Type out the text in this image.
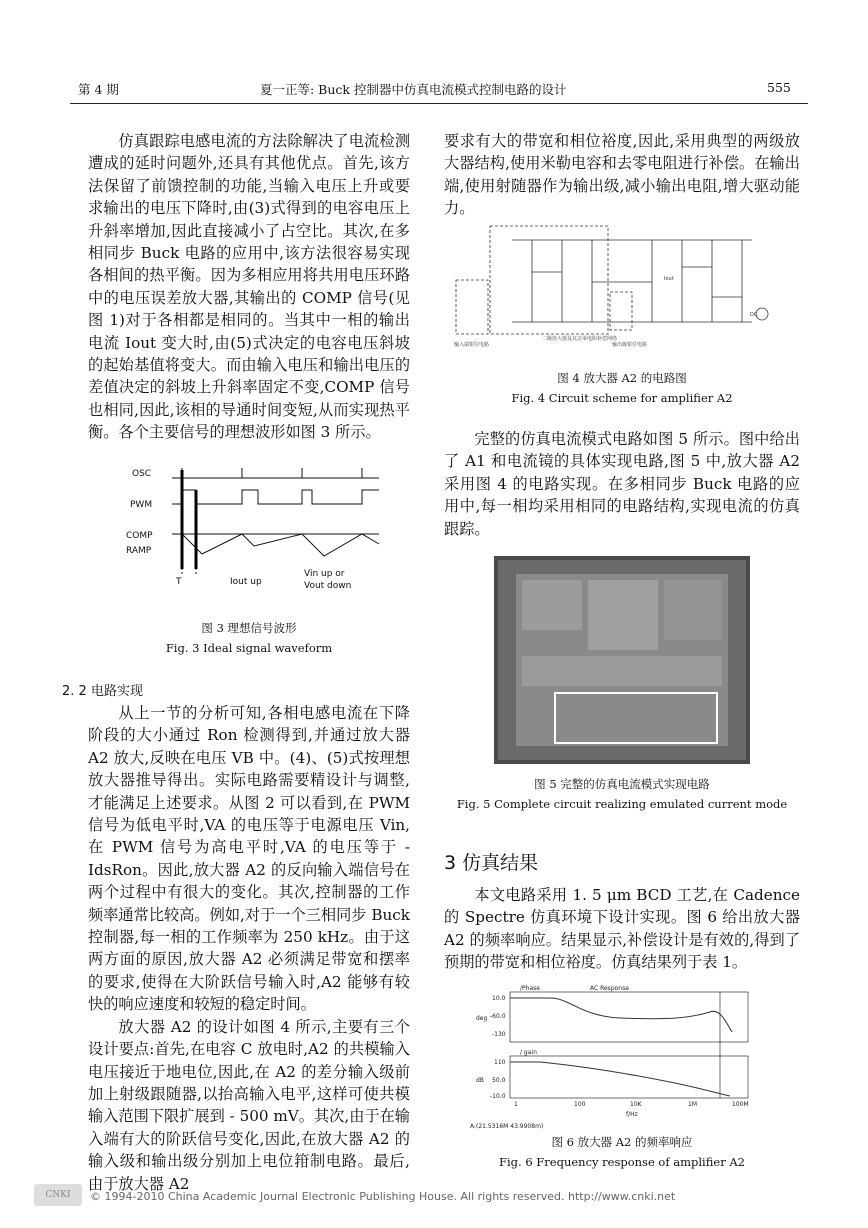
第 4 期	夏一正等: Buck 控制器中仿真电流模式控制电路的设计	555

仿真跟踪电感电流的方法除解决了电流检测遭成的延时问题外,还具有其他优点。首先,该方法保留了前馈控制的功能,当输入电压上升或要求输出的电压下降时,由(3)式得到的电容电压上升斜率增加,因此直接减小了占空比。其次,在多相同步 Buck 电路的应用中,该方法很容易实现各相间的热平衡。因为多相应用将共用电压环路中的电压误差放大器,其输出的 COMP 信号(见图 1)对于各相都是相同的。当其中一相的输出电流 Iout 变大时,由(5)式决定的电容电压斜坡的起始基值将变大。而由输入电压和输出电压的差值决定的斜坡上升斜率固定不变,COMP 信号也相同,因此,该相的导通时间变短,从而实现热平衡。各个主要信号的理想波形如图 3 所示。

OSC
PWM
COMP
RAMP
T	Iout up
Vin up or
Vout down
图 3 理想信号波形
Fig. 3 Ideal signal waveform
2. 2 电路实现

从上一节的分析可知,各相电感电流在下降阶段的大小通过 Ron 检测得到,并通过放大器 A2 放大,反映在电压 VB 中。(4)、(5)式按理想放大器推导得出。实际电路需要精设计与调整,才能满足上述要求。从图 2 可以看到,在 PWM 信号为低电平时,VA 的电压等于电源电压 Vin,在 PWM 信号为高电平时,VA 的电压等于 - IdsRon。因此,放大器 A2 的反向输入端信号在两个过程中有很大的变化。其次,控制器的工作频率通常比较高。例如,对于一个三相同步 Buck 控制器,每一相的工作频率为 250 kHz。由于这两方面的原因,放大器 A2 必须满足带宽和摆率的要求,使得在大阶跃信号输入时,A2 能够有较快的响应速度和较短的稳定时间。

放大器 A2 的设计如图 4 所示,主要有三个设计要点:首先,在电容 C 放电时,A2 的共模输入电压接近于地电位,因此,在 A2 的差分输入级前加上射级跟随器,以抬高输入电平,这样可使共模输入范围下限扩展到 - 500 mV。其次,由于在输入端有大的阶跃信号变化,因此,在放大器 A2 的输入级和输出级分别加上电位箝制电路。最后,由于放大器 A2

要求有大的带宽和相位裕度,因此,采用典型的两级放大器结构,使用米勒电容和去零电阻进行补偿。在输出端,使用射随器作为输出级,减小输出电阻,增大驱动能力。

输入端钳位电路
二级放大器及其去零电阻补偿网络
输出级钳位电路
Iout
DC
图 4 放大器 A2 的电路图
Fig. 4 Circuit scheme for amplifier A2

完整的仿真电流模式电路如图 5 所示。图中给出了 A1 和电流镜的具体实现电路,图 5 中,放大器 A2 采用图 4 的电路实现。在多相同步 Buck 电路的应用中,每一相均采用相同的电路结构,实现电流的仿真跟踪。

图 5 完整的仿真电流模式实现电路
Fig. 5 Complete circuit realizing emulated current mode
3 仿真结果

本文电路采用 1. 5 μm BCD 工艺,在 Cadence 的 Spectre 仿真环境下设计实现。图 6 给出放大器 A2 的频率响应。结果显示,补偿设计是有效的,得到了预期的带宽和相位裕度。仿真结果列于表 1。

AC Response
/Phase
/ gain
10.0
-60.0
-130
deg
110
50.0
-10.0
dB
1	100	10K	1M	100M
f/Hz
A:(21.5316M 43.9908m)
图 6 放大器 A2 的频率响应
Fig. 6 Frequency response of amplifier A2
CNKI	© 1994-2010 China Academic Journal Electronic Publishing House. All rights reserved. http://www.cnki.net
